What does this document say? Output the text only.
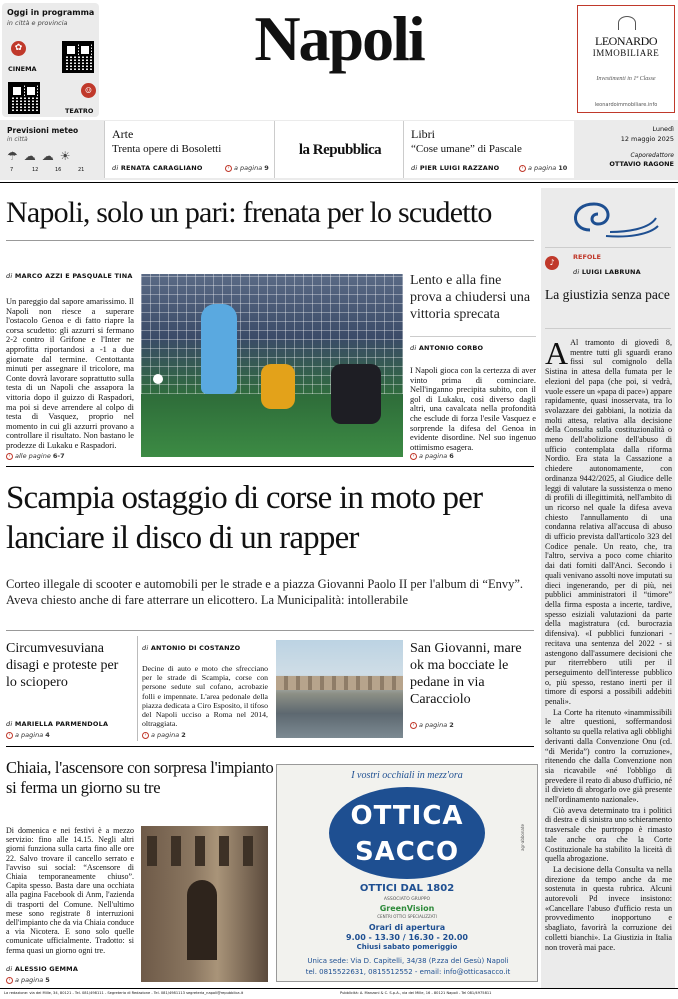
Oggi in programma
in città e provincia
✿
CINEMA
☺
TEATRO
Napoli	LEONARDO
IMMOBILIARE
Investimenti in 1ª Classe
leonardoimmobiliare.info
Previsioni meteo
in città
☂☁☁☀
7	12	16	21
Arte
Trenta opere di Bosoletti
di RENATA CARAGLIANO	› a pagina 9
la Repubblica
Libri
“Cose umane” di Pascale
di PIER LUIGI RAZZANO	› a pagina 10
Lunedì
12 maggio 2025
Caporedattore
OTTAVIO RAGONE
Napoli, solo un pari: frenata per lo scudetto
di MARCO AZZI E PASQUALE TINA
Un pareggio dal sapore amarissimo. Il Napoli non riesce a superare l'ostacolo Genoa e di fatto riapre la corsa scudetto: gli azzurri si fermano 2-2 contro il Grifone e l'Inter ne approfitta riportandosi a -1 a due giornate dal termine. Centottanta minuti per assegnare il tricolore, ma Conte dovrà lavorare soprattutto sulla testa di un Napoli che assapora la vittoria dopo il guizzo di Raspadori, ma poi si deve arrendere al colpo di testa di Vasquez, proprio nel momento in cui gli azzurri provano a controllare il risultato. Non bastano le prodezze di Lukaku e Raspadori.
› alle pagine 6-7
Lento e alla fine prova a chiudersi una vittoria sprecata
di ANTONIO CORBO
I Napoli gioca con la certezza di aver vinto prima di cominciare. Nell'inganno precipita subito, con il gol di Lukaku, così diverso dagli altri, una cavalcata nella profondità che esclude di forza l'esile Vasquez e sorprende la difesa del Genoa in evidente disordine. Nel suo ingenuo ottimismo esagera.
› a pagina 6
Scampia ostaggio di corse in moto per lanciare il disco di un rapper
Corteo illegale di scooter e automobili per le strade e a piazza Giovanni Paolo II per l'album di “Envy”. Aveva chiesto anche di fare atterrare un elicottero. La Municipalità: intollerabile
Circumvesuviana disagi e proteste per lo sciopero
di MARIELLA PARMENDOLA
› a pagina 4
di ANTONIO DI COSTANZO
Decine di auto e moto che sfrecciano per le strade di Scampia, corse con persone sedute sul cofano, acrobazie folli e impennate. L'area pedonale della piazza dedicata a Ciro Esposito, il tifoso del Napoli ucciso a Roma nel 2014, oltraggiata.
› a pagina 2
San Giovanni, mare ok ma bocciate le pedane in via Caracciolo
› a pagina 2
Chiaia, l'ascensore con sorpresa l'impianto si ferma un giorno su tre
Di domenica e nei festivi è a mezzo servizio: fino alle 14.15. Negli altri giorni funziona sulla carta fino alle ore 22. Salvo trovare il cancello serrato e l'avviso sui social: “Ascensore di Chiaia temporaneamente chiuso”. Capita spesso. Basta dare una occhiata alla pagina Facebook di Anm, l'azienda di trasporti del Comune. Nell'ultimo mese sono registrate 8 interruzioni dell'impianto che da via Chiaia conduce a via Nicotera. E sono solo quelle comunicate ufficialmente. Tradotto: si ferma quasi un giorno ogni tre.
di ALESSIO GEMMA
› a pagina 5
I vostri occhiali in mezz'ora
OTTICA
SACCO
OTTICI DAL 1802
ASSOCIATO GRUPPO
GreenVision
CENTRI OTTICI SPECIALIZZATI
Orari di apertura
9.00 - 13.30 / 16.30 - 20.00
Chiusi sabato pomeriggio
Unica sede: Via D. Capitelli, 34/38 (P.zza del Gesù) Napoli
tel. 0815522631, 0815512552 - email: info@otticasacco.it
agr-abbonate
♪
REFOLE
di LUIGI LABRUNA
La giustizia senza pace
A Al tramonto di giovedì 8, mentre tutti gli sguardi erano fissi sul comignolo della Sistina in attesa della fumata per le elezioni del papa (che poi, si vedrà, vuole essere un «papa di pace») appare rapidamente, quasi inosservata, tra lo svolazzare dei gabbiani, la notizia da molti attesa, relativa alla decisione della Consulta sulla costituzionalità o meno dell'abolizione dell'abuso di ufficio contemplata dalla riforma Nordio. Era stata la Cassazione a chiedere autonomamente, con ordinanza 9442/2025, al Giudice delle leggi di valutare la sussistenza o meno di profili di illegittimità, nell'ambito di un ricorso nel quale la difesa aveva chiesto l'annullamento di una condanna relativa all'accusa di abuso di ufficio prevista dall'articolo 323 del Codice penale. Un reato, che, tra l'altro, serviva a poco come chiarito dai dati forniti dall'Anci. Secondo i quali venivano assolti nove imputati su dieci ingenerando, per di più, nei pubblici amministratori il “timore” della firma esposta a incerte, tardive, spesso esiziali valutazioni da parte della magistratura (cd. burocrazia difensiva). «I pubblici funzionari - recitava una sentenza del 2022 - si astengono dall'assumere decisioni che pur riterrebbero utili per il perseguimento dell'interesse pubblico o, più spesso, restano inerti per il timore di esporsi a possibili addebiti penali».
La Corte ha ritenuto «inammissibili le altre questioni, soffermandosi soltanto su quella relativa agli obblighi derivanti dalla Convenzione Onu (cd. “di Merida”) contro la corruzione», ritenendo che dalla Convenzione non sia ricavabile «né l'obbligo di prevedere il reato di abuso d'ufficio, né il divieto di abrogarlo ove già presente nell'ordinamento nazionale».
Ciò aveva determinato tra i politici di destra e di sinistra uno schieramento trasversale che purtroppo è rimasto tale anche ora che la Corte Costituzionale ha stabilito la liceità di quella abrogazione.
La decisione della Consulta va nella direzione da tempo anche da me sostenuta in questa rubrica. Alcuni autorevoli Pd invece insistono: «Cancellare l'abuso d'ufficio resta un provvedimento inopportuno e sbagliato, favorirà la corruzione dei colletti bianchi». La Giustizia in Italia non troverà mai pace.
La redazione: via dei Mille, 34, 80121 - Tel. 081/498111 - Segreteria di Redazione - Tel. 081/4981113 segreteria_napoli@repubblica.it	Pubblicità: A. Manzoni & C. S.p.A., via dei Mille, 16 - 80121 Napoli - Tel 081/4975811
